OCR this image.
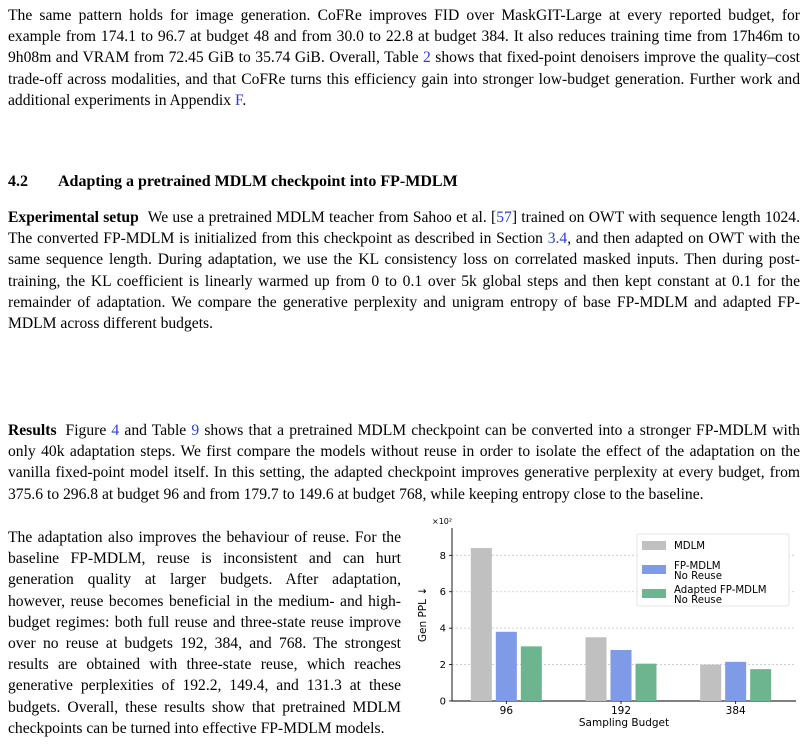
The same pattern holds for image generation. CoFRe improves FID over MaskGIT-Large at every reported budget, for example from 174.1 to 96.7 at budget 48 and from 30.0 to 22.8 at budget 384. It also reduces training time from 17h46m to 9h08m and VRAM from 72.45 GiB to 35.74 GiB. Overall, Table 2 shows that fixed-point denoisers improve the quality–cost trade-off across modalities, and that CoFRe turns this efficiency gain into stronger low-budget generation. Further work and additional experiments in Appendix F.

4.2 Adapting a pretrained MDLM checkpoint into FP-MDLM

Experimental setup We use a pretrained MDLM teacher from Sahoo et al. [57] trained on OWT with sequence length 1024. The converted FP-MDLM is initialized from this checkpoint as described in Section 3.4, and then adapted on OWT with the same sequence length. During adaptation, we use the KL consistency loss on correlated masked inputs. Then during post-training, the KL coefficient is linearly warmed up from 0 to 0.1 over 5k global steps and then kept constant at 0.1 for the remainder of adaptation. We compare the generative perplexity and unigram entropy of base FP-MDLM and adapted FP-MDLM across different budgets.

Results Figure 4 and Table 9 shows that a pretrained MDLM checkpoint can be converted into a stronger FP-MDLM with only 40k adaptation steps. We first compare the models without reuse in order to isolate the effect of the adaptation on the vanilla fixed-point model itself. In this setting, the adapted checkpoint improves generative perplexity at every budget, from 375.6 to 296.8 at budget 96 and from 179.7 to 149.6 at budget 768, while keeping entropy close to the baseline.

The adaptation also improves the behaviour of reuse. For the baseline FP-MDLM, reuse is inconsistent and can hurt generation quality at larger budgets. After adaptation, however, reuse becomes beneficial in the medium- and high-budget regimes: both full reuse and three-state reuse improve over no reuse at budgets 192, 384, and 768. The strongest results are obtained with three-state reuse, which reaches generative perplexities of 192.2, 149.4, and 131.3 at these budgets. Overall, these results show that pretrained MDLM checkpoints can be turned into effective FP-MDLM models.

0
2
4
6
8
×10²
Gen PPL ↓
96	192	384
Sampling Budget
MDLM
FP-MDLM
No Reuse
Adapted FP-MDLM
No Reuse
